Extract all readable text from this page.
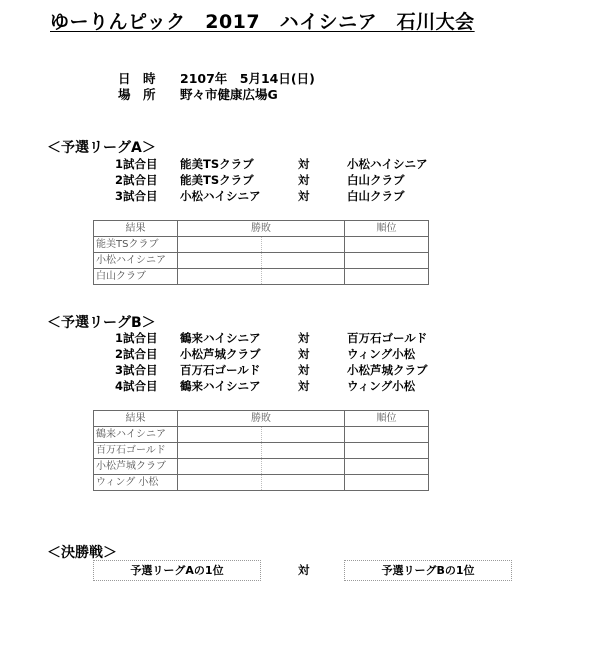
ゆーりんピック　2017　ハイシニア　石川大会
日　時 2107年　5月14日(日)
場　所 野々市健康広場G
＜予選リーグA＞
1試合目 能美TSクラブ	対	小松ハイシニア
2試合目 能美TSクラブ	対	白山クラブ
3試合目 小松ハイシニア	対	白山クラブ
結果	勝敗		順位
能美TSクラブ			
小松ハイシニア			
白山クラブ			
＜予選リーグB＞
1試合目 鶴来ハイシニア	対	百万石ゴールド
2試合目 小松芦城クラブ	対	ウィング小松
3試合目 百万石ゴールド	対	小松芦城クラブ
4試合目 鶴来ハイシニア	対	ウィング小松
結果	勝敗		順位
鶴来ハイシニア			
百万石ゴールド			
小松芦城クラブ			
ウィング 小松			
＜決勝戦＞
予選リーグAの1位	対	予選リーグBの1位
